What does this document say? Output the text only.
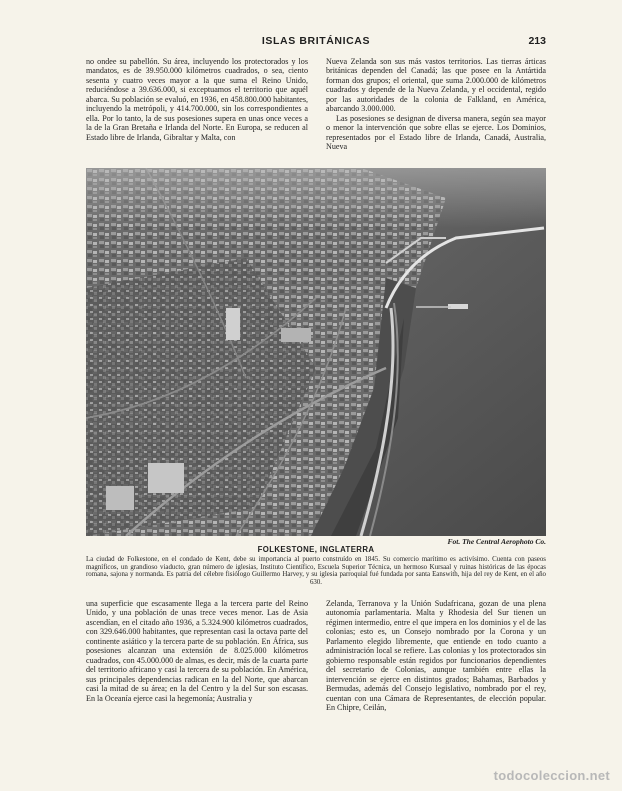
ISLAS BRITÁNICAS	213

no ondee su pabellón. Su área, incluyendo los protectorados y los mandatos, es de 39.950.000 kilómetros cuadrados, o sea, ciento sesenta y cuatro veces mayor a la que suma el Reino Unido, reduciéndose a 39.636.000, si exceptuamos el territorio que aquél abarca. Su población se evaluó, en 1936, en 458.800.000 habitantes, incluyendo la metrópoli, y 414.700.000, sin los correspondientes a ella. Por lo tanto, la de sus posesiones supera en unas once veces a la de la Gran Bretaña e Irlanda del Norte. En Europa, se reducen al Estado libre de Irlanda, Gibraltar y Malta, con

Nueva Zelanda son sus más vastos territorios. Las tierras árticas británicas dependen del Canadá; las que posee en la Antártida forman dos grupos; el oriental, que suma 2.000.000 de kilómetros cuadrados y depende de la Nueva Zelanda, y el occidental, regido por las autoridades de la colonia de Falkland, en América, abarcando 3.000.000.

Las posesiones se designan de diversa manera, según sea mayor o menor la intervención que sobre ellas se ejerce. Los Dominios, representados por el Estado libre de Irlanda, Canadá, Australia, Nueva

Fot. The Central Aerophoto Co.
FOLKESTONE, INGLATERRA
La ciudad de Folkestone, en el condado de Kent, debe su importancia al puerto construído en 1845. Su comercio marítimo es activísimo. Cuenta con paseos magníficos, un grandioso viaducto, gran número de iglesias, Instituto Científico, Escuela Superior Técnica, un hermoso Kursaal y ruinas históricas de las épocas romana, sajona y normanda. Es patria del célebre fisiólogo Guillermo Harvey, y su iglesia parroquial fué fundada por santa Eanswith, hija del rey de Kent, en el año 630.

una superficie que escasamente llega a la tercera parte del Reino Unido, y una población de unas trece veces menor. Las de Asia ascendían, en el citado año 1936, a 5.324.900 kilómetros cuadrados, con 329.646.000 habitantes, que representan casi la octava parte del continente asiático y la tercera parte de su población. En África, sus posesiones alcanzan una extensión de 8.025.000 kilómetros cuadrados, con 45.000.000 de almas, es decir, más de la cuarta parte del territorio africano y casi la tercera de su población. En América, sus principales dependencias radican en la del Norte, que abarcan casi la mitad de su área; en la del Centro y la del Sur son escasas. En la Oceanía ejerce casi la hegemonía; Australia y

Zelanda, Terranova y la Unión Sudafricana, gozan de una plena autonomía parlamentaria. Malta y Rhodesia del Sur tienen un régimen intermedio, entre el que impera en los dominios y el de las colonias; esto es, un Consejo nombrado por la Corona y un Parlamento elegido libremente, que entiende en todo cuanto a administración local se refiere. Las colonias y los protectorados sin gobierno responsable están regidos por funcionarios dependientes del secretario de Colonias, aunque también entre ellas la intervención se ejerce en distintos grados; Bahamas, Barbados y Bermudas, además del Consejo legislativo, nombrado por el rey, cuentan con una Cámara de Representantes, de elección popular. En Chipre, Ceilán,

todocoleccion.net
